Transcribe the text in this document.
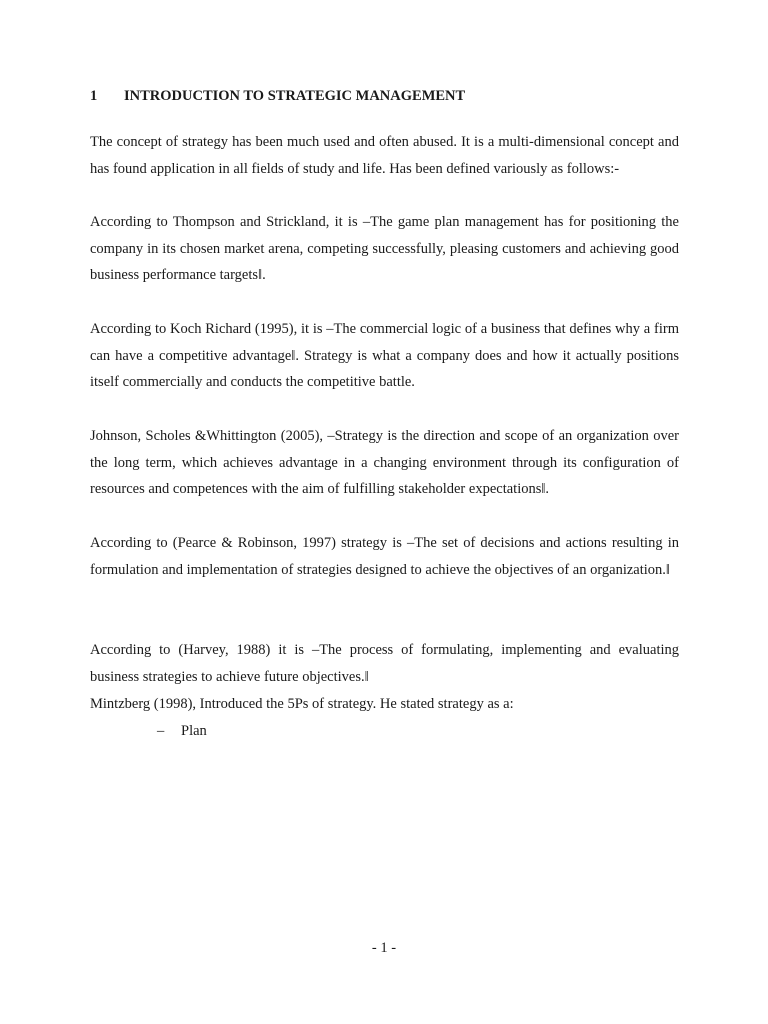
1 INTRODUCTION TO STRATEGIC MANAGEMENT

The concept of strategy has been much used and often abused. It is a multi-dimensional concept and has found application in all fields of study and life. Has been defined variously as follows:-

According to Thompson and Strickland, it is –The game plan management has for positioning the company in its chosen market arena, competing successfully, pleasing customers and achieving good business performance targets‖.

According to Koch Richard (1995), it is –The commercial logic of a business that defines why a firm can have a competitive advantage‖. Strategy is what a company does and how it actually positions itself commercially and conducts the competitive battle.

Johnson, Scholes &Whittington (2005), –Strategy is the direction and scope of an organization over the long term, which achieves advantage in a changing environment through its configuration of resources and competences with the aim of fulfilling stakeholder expectations‖.

According to (Pearce & Robinson, 1997) strategy is –The set of decisions and actions resulting in formulation and implementation of strategies designed to achieve the objectives of an organization.‖

According to (Harvey, 1988) it is –The process of formulating, implementing and evaluating business strategies to achieve future objectives.‖

Mintzberg (1998), Introduced the 5Ps of strategy. He stated strategy as a:

– Plan
- 1 -
